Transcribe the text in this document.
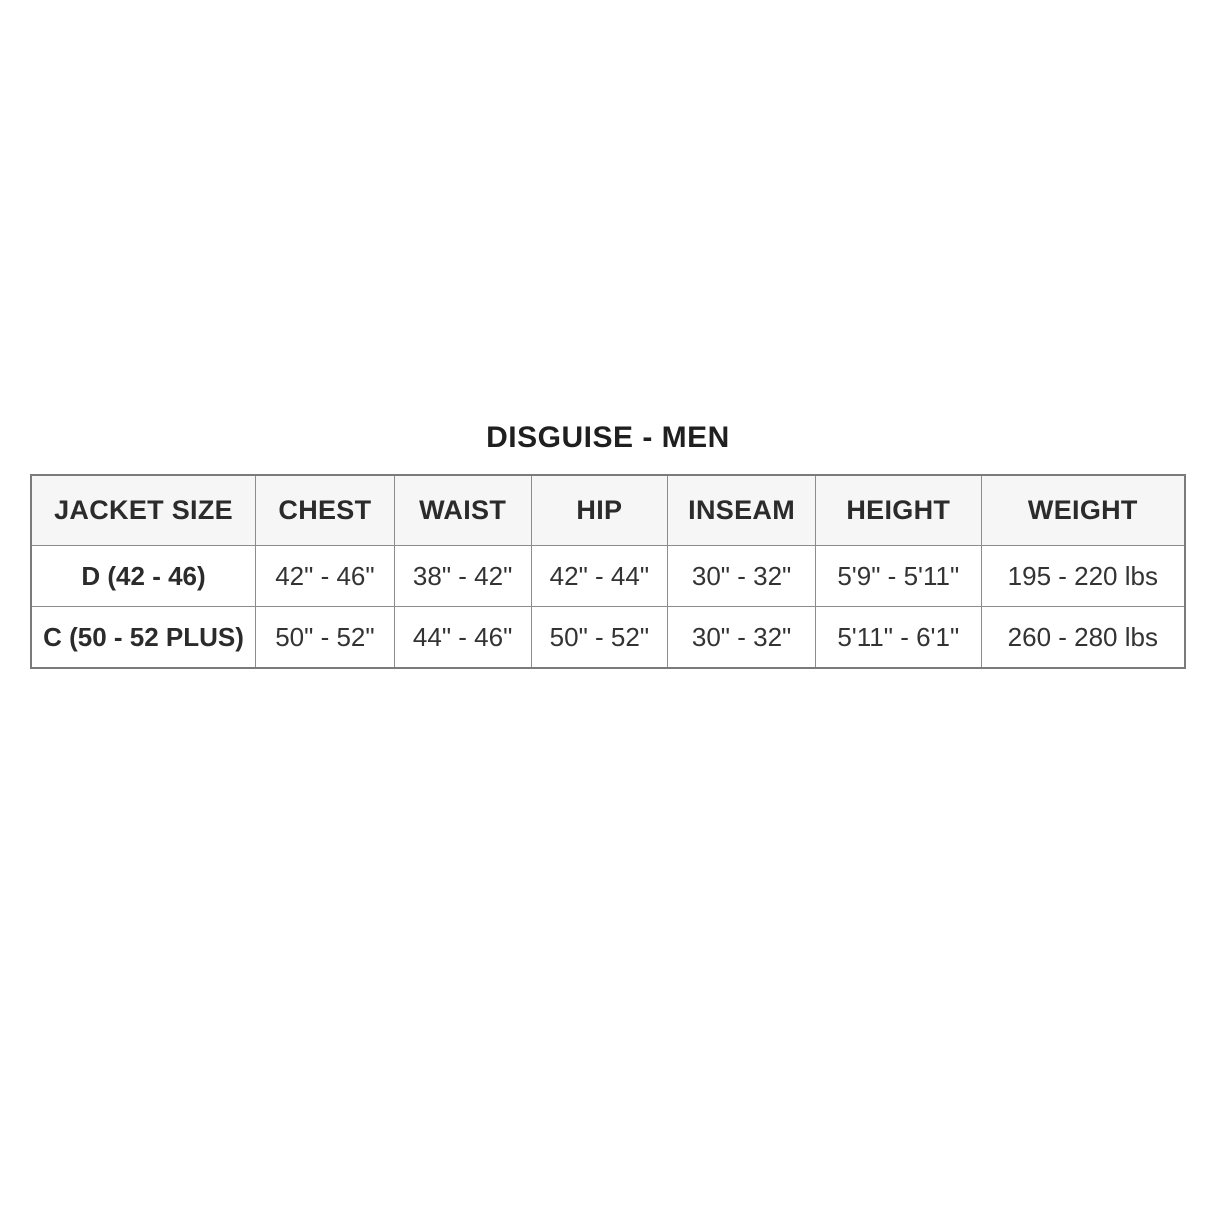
DISGUISE - MEN
JACKET SIZE	CHEST	WAIST	HIP	INSEAM	HEIGHT	WEIGHT
D (42 - 46)	42" - 46"	38" - 42"	42" - 44"	30" - 32"	5'9" - 5'11"	195 - 220 lbs
C (50 - 52 PLUS)	50" - 52"	44" - 46"	50" - 52"	30" - 32"	5'11" - 6'1"	260 - 280 lbs
